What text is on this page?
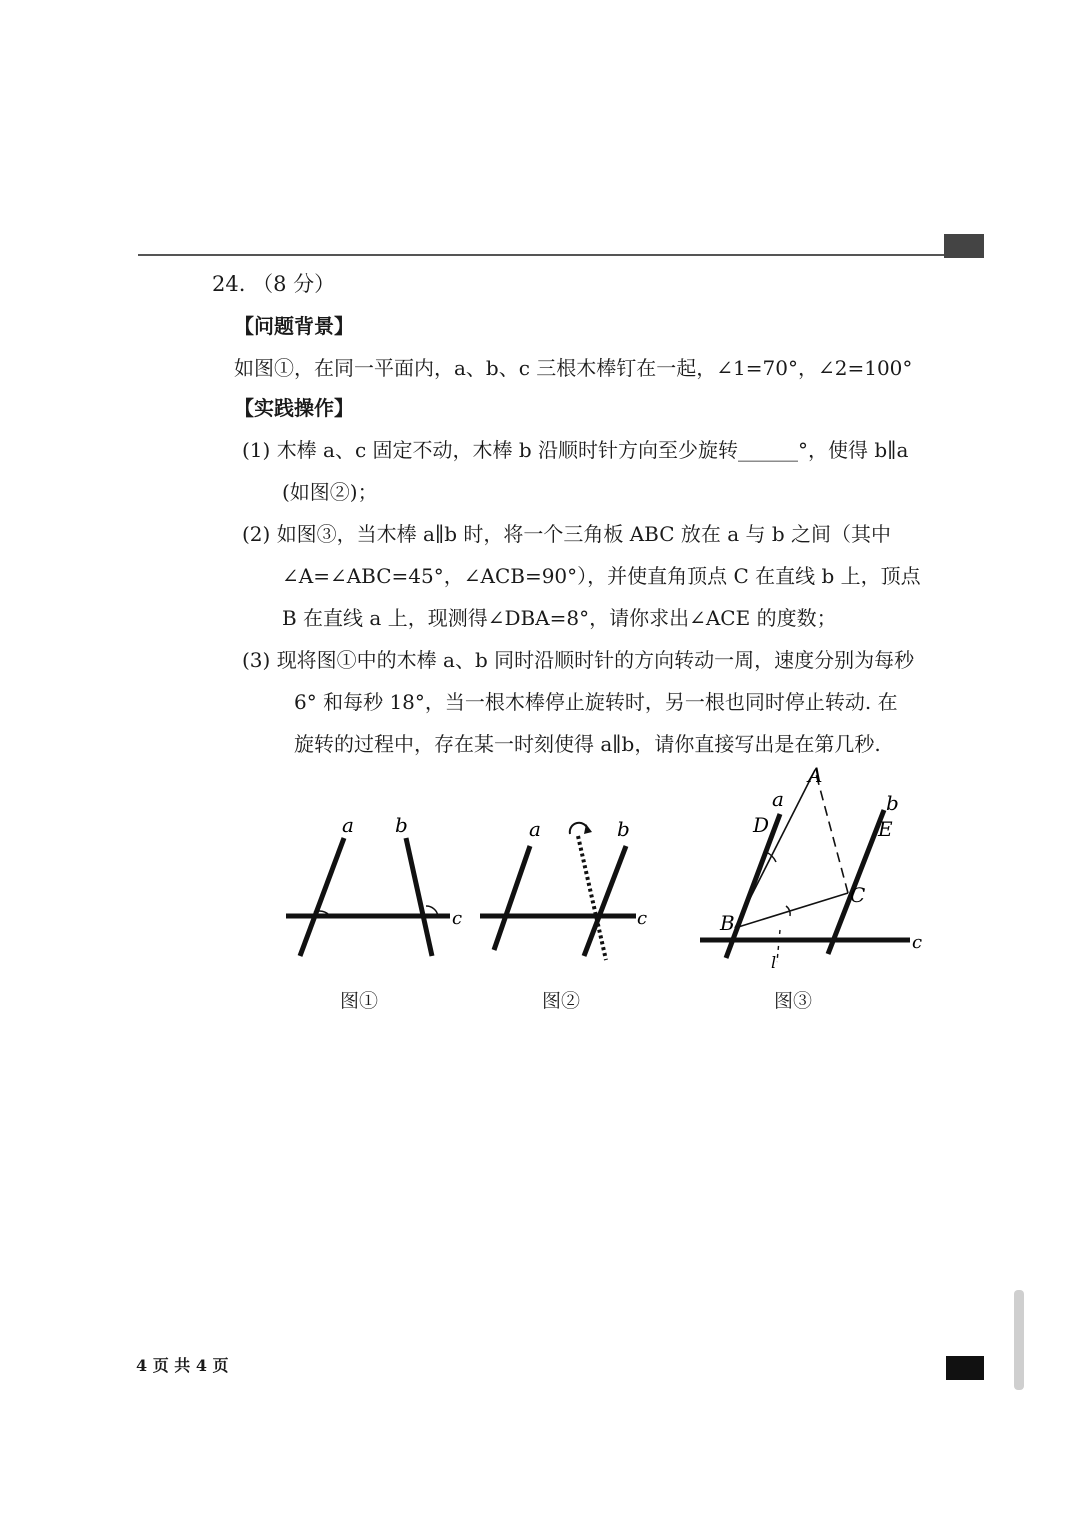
24. （8 分）
【问题背景】
如图①，在同一平面内，a、b、c 三根木棒钉在一起，∠1=70°，∠2=100°
【实践操作】
(1) 木棒 a、c 固定不动，木棒 b 沿顺时针方向至少旋转______°，使得 b∥a
(如图②)；
(2) 如图③，当木棒 a∥b 时，将一个三角板 ABC 放在 a 与 b 之间（其中
∠A=∠ABC=45°，∠ACB=90°），并使直角顶点 C 在直线 b 上，顶点
B 在直线 a 上，现测得∠DBA=8°，请你求出∠ACE 的度数；
(3) 现将图①中的木棒 a、b 同时沿顺时针的方向转动一周，速度分别为每秒
6° 和每秒 18°，当一根木棒停止旋转时，另一根也同时停止转动. 在
旋转的过程中，存在某一时刻使得 a∥b，请你直接写出是在第几秒.
a b
c
a	b
c
A
a
D
b
E
C
B
c
l
图①	图②	图③
4 页 共 4 页
